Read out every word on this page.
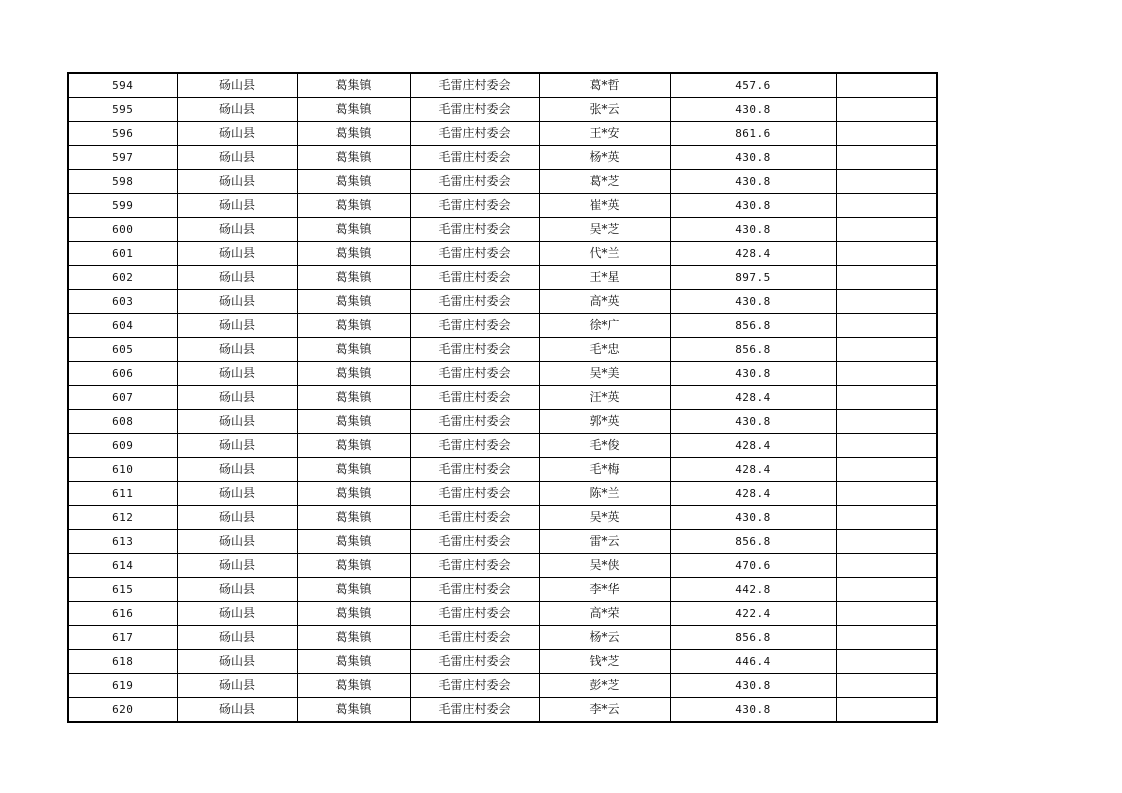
594	砀山县	葛集镇	毛雷庄村委会	葛*哲	457.6	
595	砀山县	葛集镇	毛雷庄村委会	张*云	430.8	
596	砀山县	葛集镇	毛雷庄村委会	王*安	861.6	
597	砀山县	葛集镇	毛雷庄村委会	杨*英	430.8	
598	砀山县	葛集镇	毛雷庄村委会	葛*芝	430.8	
599	砀山县	葛集镇	毛雷庄村委会	崔*英	430.8	
600	砀山县	葛集镇	毛雷庄村委会	吴*芝	430.8	
601	砀山县	葛集镇	毛雷庄村委会	代*兰	428.4	
602	砀山县	葛集镇	毛雷庄村委会	王*星	897.5	
603	砀山县	葛集镇	毛雷庄村委会	高*英	430.8	
604	砀山县	葛集镇	毛雷庄村委会	徐*广	856.8	
605	砀山县	葛集镇	毛雷庄村委会	毛*忠	856.8	
606	砀山县	葛集镇	毛雷庄村委会	吴*美	430.8	
607	砀山县	葛集镇	毛雷庄村委会	汪*英	428.4	
608	砀山县	葛集镇	毛雷庄村委会	郭*英	430.8	
609	砀山县	葛集镇	毛雷庄村委会	毛*俊	428.4	
610	砀山县	葛集镇	毛雷庄村委会	毛*梅	428.4	
611	砀山县	葛集镇	毛雷庄村委会	陈*兰	428.4	
612	砀山县	葛集镇	毛雷庄村委会	吴*英	430.8	
613	砀山县	葛集镇	毛雷庄村委会	雷*云	856.8	
614	砀山县	葛集镇	毛雷庄村委会	吴*侠	470.6	
615	砀山县	葛集镇	毛雷庄村委会	李*华	442.8	
616	砀山县	葛集镇	毛雷庄村委会	高*荣	422.4	
617	砀山县	葛集镇	毛雷庄村委会	杨*云	856.8	
618	砀山县	葛集镇	毛雷庄村委会	钱*芝	446.4	
619	砀山县	葛集镇	毛雷庄村委会	彭*芝	430.8	
620	砀山县	葛集镇	毛雷庄村委会	李*云	430.8	
